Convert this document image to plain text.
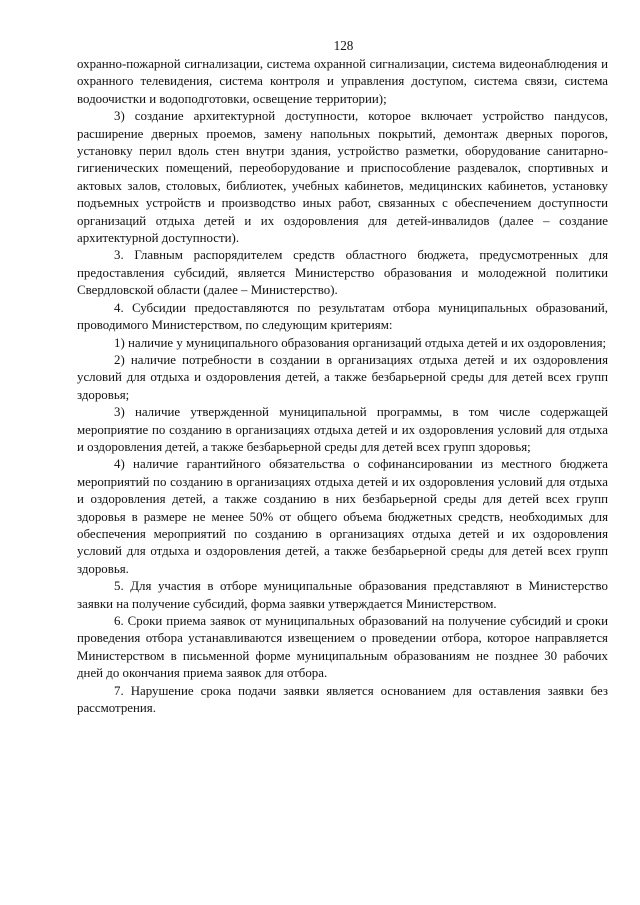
128

охранно-пожарной сигнализации, система охранной сигнализации, система видеонаблюдения и охранного телевидения, система контроля и управления доступом, система связи, система водоочистки и водоподготовки, освещение территории);

3) создание архитектурной доступности, которое включает устройство пандусов, расширение дверных проемов, замену напольных покрытий, демонтаж дверных порогов, установку перил вдоль стен внутри здания, устройство разметки, оборудование санитарно-гигиенических помещений, переоборудование и приспособление раздевалок, спортивных и актовых залов, столовых, библиотек, учебных кабинетов, медицинских кабинетов, установку подъемных устройств и производство иных работ, связанных с обеспечением доступности организаций отдыха детей и их оздоровления для детей-инвалидов (далее – создание архитектурной доступности).

3. Главным распорядителем средств областного бюджета, предусмотренных для предоставления субсидий, является Министерство образования и молодежной политики Свердловской области (далее – Министерство).

4. Субсидии предоставляются по результатам отбора муниципальных образований, проводимого Министерством, по следующим критериям:

1) наличие у муниципального образования организаций отдыха детей и их оздоровления;

2) наличие потребности в создании в организациях отдыха детей и их оздоровления условий для отдыха и оздоровления детей, а также безбарьерной среды для детей всех групп здоровья;

3) наличие утвержденной муниципальной программы, в том числе содержащей мероприятие по созданию в организациях отдыха детей и их оздоровления условий для отдыха и оздоровления детей, а также безбарьерной среды для детей всех групп здоровья;

4) наличие гарантийного обязательства о софинансировании из местного бюджета мероприятий по созданию в организациях отдыха детей и их оздоровления условий для отдыха и оздоровления детей, а также созданию в них безбарьерной среды для детей всех групп здоровья в размере не менее 50% от общего объема бюджетных средств, необходимых для обеспечения мероприятий по созданию в организациях отдыха детей и их оздоровления условий для отдыха и оздоровления детей, а также безбарьерной среды для детей всех групп здоровья.

5. Для участия в отборе муниципальные образования представляют в Министерство заявки на получение субсидий, форма заявки утверждается Министерством.

6. Сроки приема заявок от муниципальных образований на получение субсидий и сроки проведения отбора устанавливаются извещением о проведении отбора, которое направляется Министерством в письменной форме муниципальным образованиям не позднее 30 рабочих дней до окончания приема заявок для отбора.

7. Нарушение срока подачи заявки является основанием для оставления заявки без рассмотрения.
